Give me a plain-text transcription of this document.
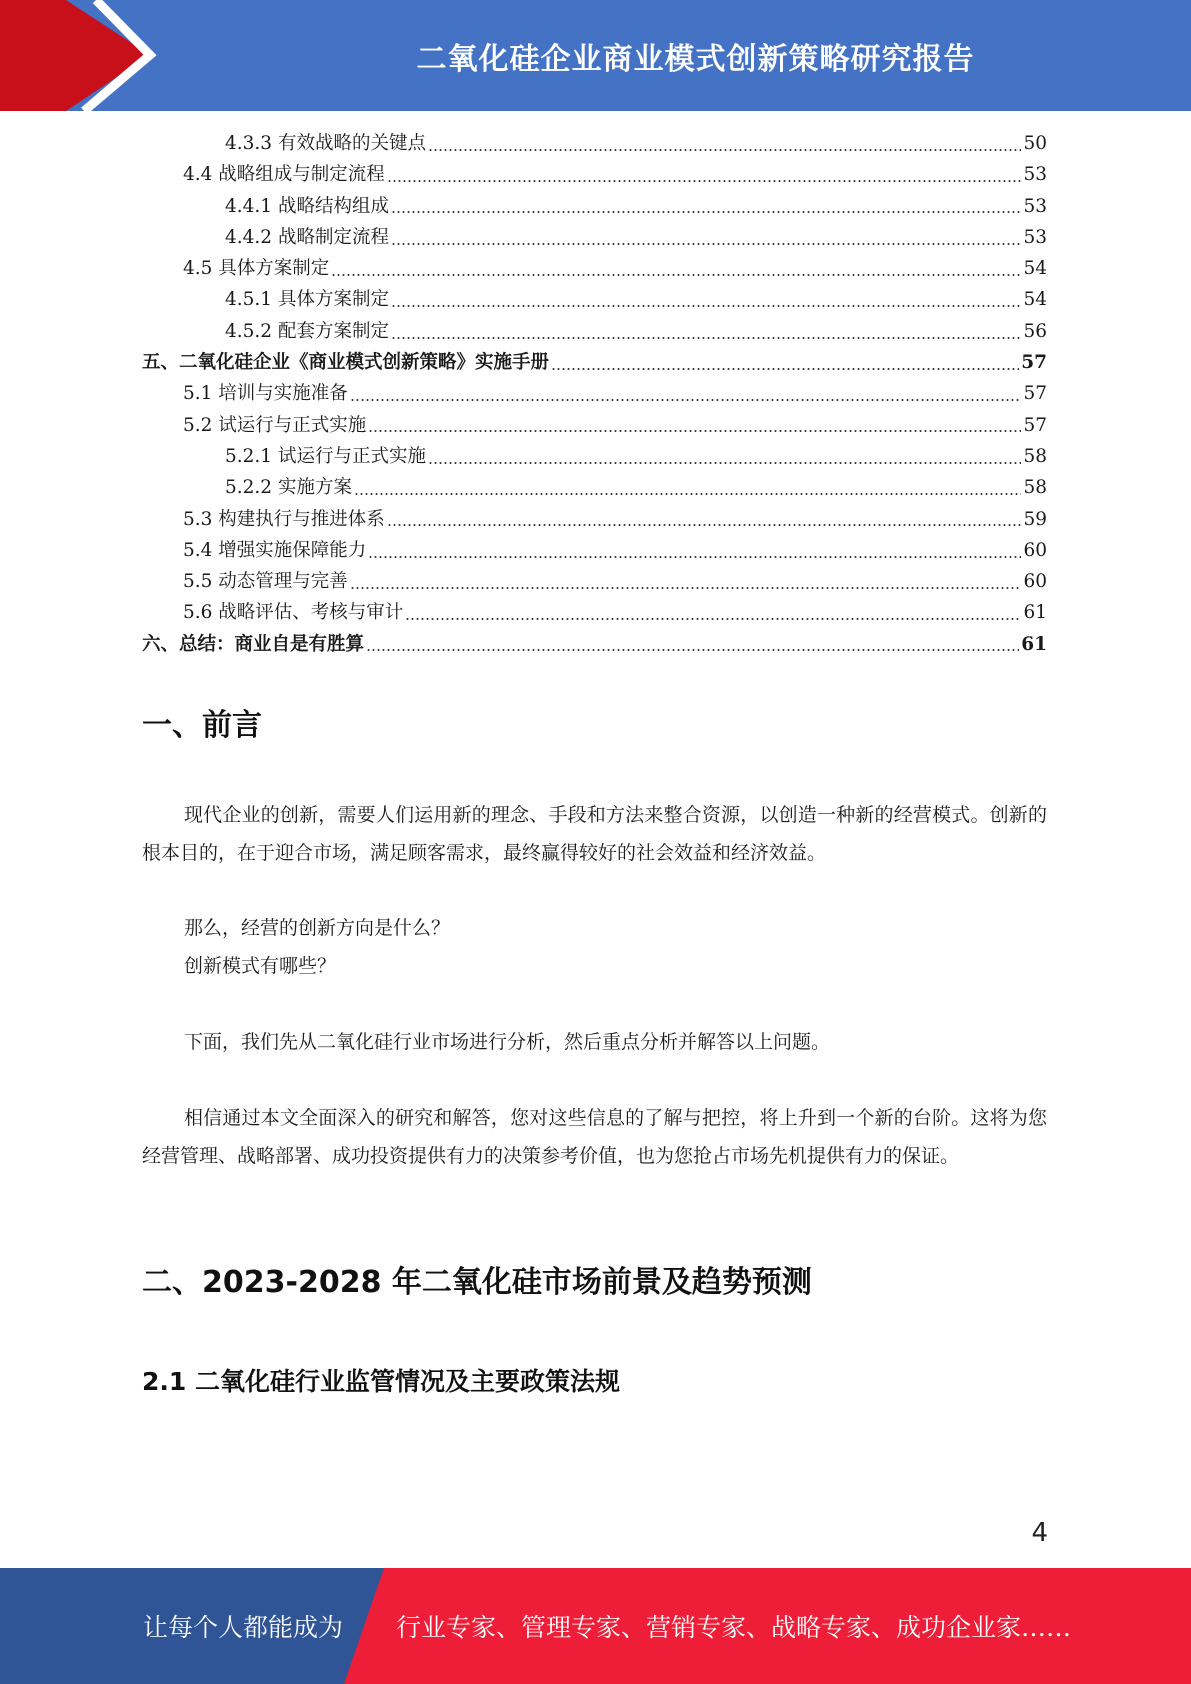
二氧化硅企业商业模式创新策略研究报告
4.3.3 有效战略的关键点	50
4.4 战略组成与制定流程	53
4.4.1 战略结构组成	53
4.4.2 战略制定流程	53
4.5 具体方案制定	54
4.5.1 具体方案制定	54
4.5.2 配套方案制定	56
五、二氧化硅企业《商业模式创新策略》实施手册	57
5.1 培训与实施准备	57
5.2 试运行与正式实施	57
5.2.1 试运行与正式实施	58
5.2.2 实施方案	58
5.3 构建执行与推进体系	59
5.4 增强实施保障能力	60
5.5 动态管理与完善	60
5.6 战略评估、考核与审计	61
六、总结：商业自是有胜算	61
一、前言

现代企业的创新，需要人们运用新的理念、手段和方法来整合资源，以创造一种新的经营模式。创新的根本目的，在于迎合市场，满足顾客需求，最终赢得较好的社会效益和经济效益。

那么，经营的创新方向是什么？

创新模式有哪些？

下面，我们先从二氧化硅行业市场进行分析，然后重点分析并解答以上问题。

相信通过本文全面深入的研究和解答，您对这些信息的了解与把控，将上升到一个新的台阶。这将为您经营管理、战略部署、成功投资提供有力的决策参考价值，也为您抢占市场先机提供有力的保证。

二、2023-2028 年二氧化硅市场前景及趋势预测
2.1 二氧化硅行业监管情况及主要政策法规
4
让每个人都能成为 行业专家、管理专家、营销专家、战略专家、成功企业家……
